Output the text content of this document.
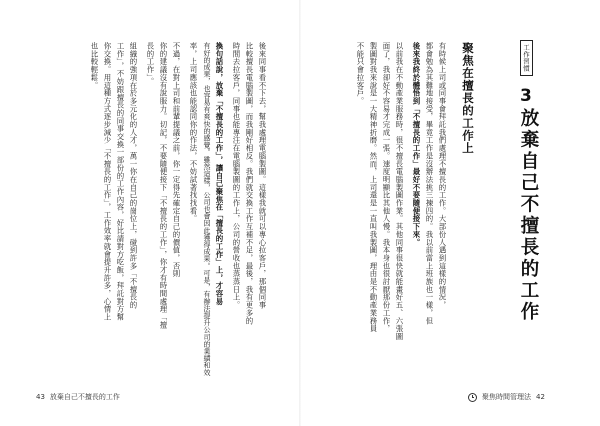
工作習慣
3
放棄自己不擅長的工作
聚焦在擅長的工作上
有時候上司或同事會拜託我們處理不擅長的工作。大部份人遇到這樣的情況，
都會勉為其難地接受，畢竟工作是沒辦法挑三揀四的。我以前當上班族也一樣，但
後來我終於體悟到「不擅長的工作」最好不要隨便接下來。
以前我在不動產業服務時，很不擅長電腦製圖作業。其他同事很快就能畫好五、六張圖
面了，我卻好不容易才完成一張。速度明顯比其他人慢。我本身也很討厭那份工作，
製圖對我來說是一大精神折磨。然而，上司還是一直叫我製圖，理由是不動產業務員
不能只會拉客戶。
聚焦時間管理法 42
後來同事看不下去，幫我處理電腦製圖。這樣我就可以專心拉客戶，那個同事
比較擅長電腦製圖，而我剛好相反。我們就交換工作互補不足，最後，我有更多的
時間去拉客戶，同事也能專注在電腦製圖的工作上，公司的營收也蒸蒸日上。
換句話說，放棄「不擅長的工作」，讓自己聚焦在「擅長的工作」上，才容易
有好的成果，也容易有爽快的感覺。雖然這樣，公司也會因此獲得成果。可是，有辦法提升公司的業績和效
率，上司應該也能認同你的作法，不妨試著找找看。
不過，在對上司和前輩提議之前，你一定得先確定自己的價值，否則
你的建議沒有說服力。切記，不要隨便接下「不擅長的工作」，你才有時間處理「擅
長的工作」。
組織的強項在於多元化的人才，萬一你在自己的崗位上，碰到許多「不擅長的
工作」，不妨跟擅長的同事交換一部份的工作內容，好比請對方吃飯，拜託對方幫
你交換。用這種方式逐步減少「不擅長的工作」，工作效率就會提升許多，心情上
也比較輕鬆。
43 放棄自己不擅長的工作
